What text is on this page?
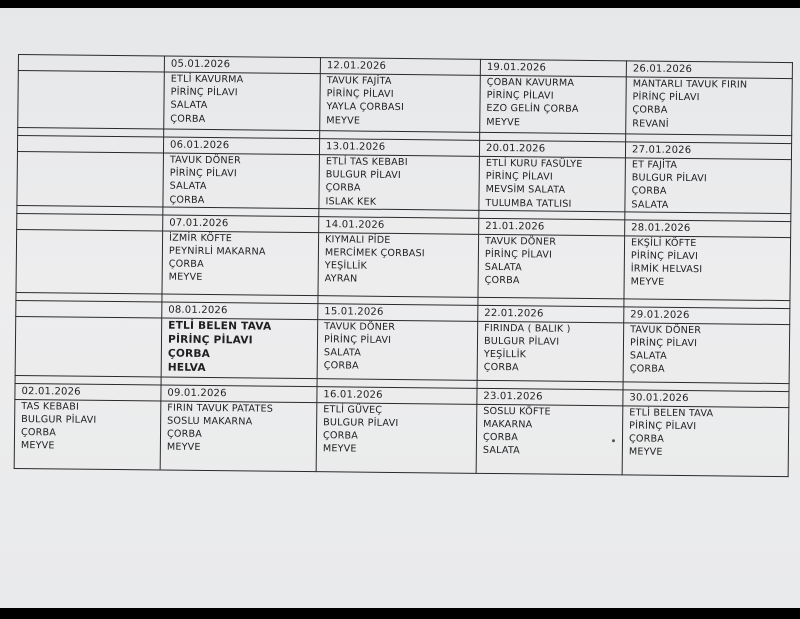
	05.01.2026	12.01.2026	19.01.2026	26.01.2026

	ETLİ KAVURMA
PİRİNÇ PİLAVI
SALATA
ÇORBA	TAVUK FAJİTA
PİRİNÇ PİLAVI
YAYLA ÇORBASI
MEYVE	ÇOBAN KAVURMA
PİRİNÇ PİLAVI
EZO GELİN ÇORBA
MEYVE	MANTARLI TAVUK FIRIN
PİRİNÇ PİLAVI
ÇORBA
REVANİ

	06.01.2026	13.01.2026	20.01.2026	27.01.2026

	TAVUK DÖNER
PİRİNÇ PİLAVI
SALATA
ÇORBA	ETLİ TAS KEBABI
BULGUR PİLAVI
ÇORBA
ISLAK KEK	ETLİ KURU FASÜLYE
PİRİNÇ PİLAVI
MEVSİM SALATA
TULUMBA TATLISI	ET FAJİTA
BULGUR PİLAVI
ÇORBA
SALATA

	07.01.2026	14.01.2026	21.01.2026	28.01.2026

	İZMİR KÖFTE
PEYNİRLİ MAKARNA
ÇORBA
MEYVE	KIYMALI PİDE
MERCİMEK ÇORBASI
YEŞİLLİK
AYRAN	TAVUK DÖNER
PİRİNÇ PİLAVI
SALATA
ÇORBA	EKŞİLİ KÖFTE
PİRİNÇ PİLAVI
İRMİK HELVASI
MEYVE

	08.01.2026	15.01.2026	22.01.2026	29.01.2026

	ETLİ BELEN TAVA
PİRİNÇ PİLAVI
ÇORBA
HELVA	TAVUK DÖNER
PİRİNÇ PİLAVI
SALATA
ÇORBA	FIRINDA ( BALIK )
BULGUR PİLAVI
YEŞİLLİK
ÇORBA	TAVUK DÖNER
PİRİNÇ PİLAVI
SALATA
ÇORBA

02.01.2026	09.01.2026	16.01.2026	23.01.2026	30.01.2026

TAS KEBABI
BULGUR PİLAVI
ÇORBA
MEYVE	FIRIN TAVUK PATATES
SOSLU MAKARNA
ÇORBA
MEYVE	ETLİ GÜVEÇ
BULGUR PİLAVI
ÇORBA
MEYVE	SOSLU KÖFTE
MAKARNA
ÇORBA
SALATA	ETLİ BELEN TAVA
PİRİNÇ PİLAVI
ÇORBA
MEYVE
